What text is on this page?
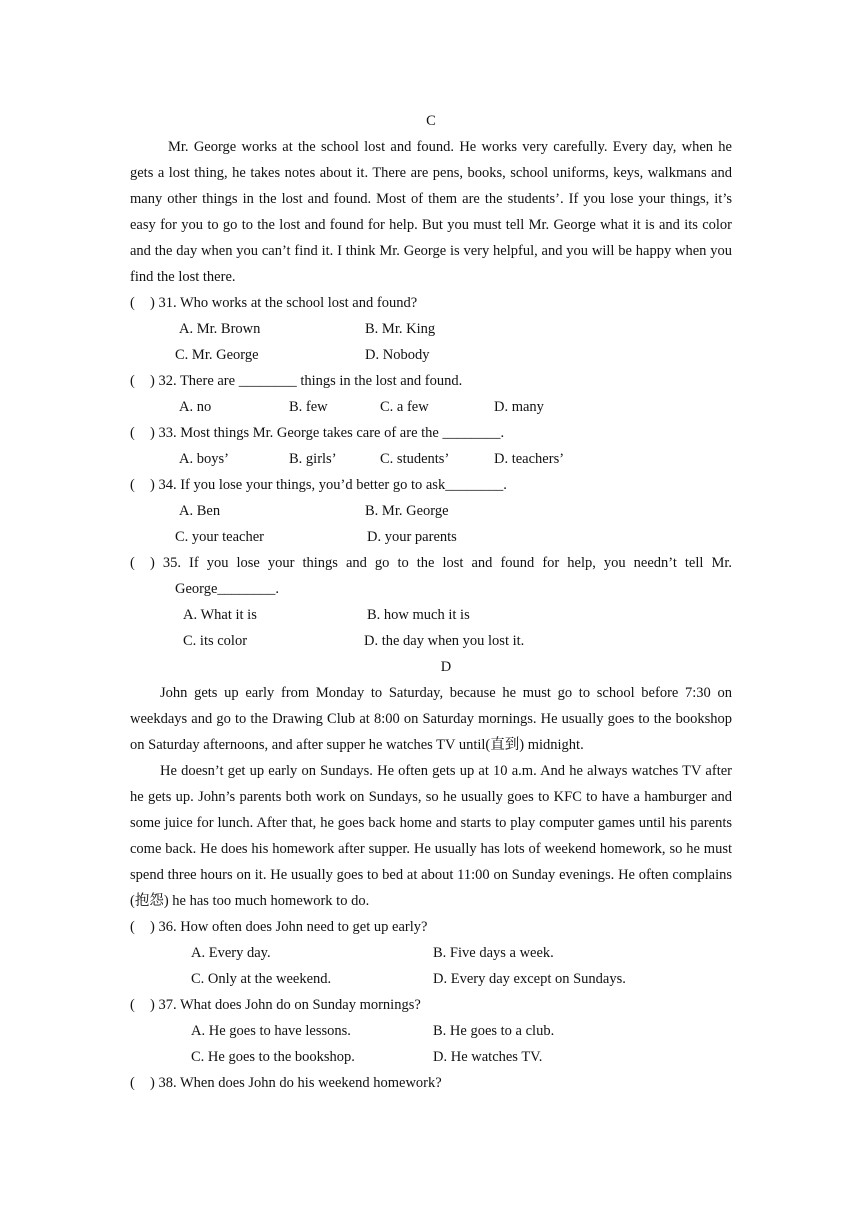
C

Mr. George works at the school lost and found. He works very carefully. Every day, when he gets a lost thing, he takes notes about it. There are pens, books, school uniforms, keys, walkmans and many other things in the lost and found. Most of them are the students’. If you lose your things, it’s easy for you to go to the lost and found for help. But you must tell Mr. George what it is and its color and the day when you can’t find it. I think Mr. George is very helpful, and you will be happy when you find the lost there.

( ) 31. Who works at the school lost and found?
A. Mr. Brown	B. Mr. King
C. Mr. George	D. Nobody
( ) 32. There are ________ things in the lost and found.
A. no	B. few	C. a few	D. many
( ) 33. Most things Mr. George takes care of are the ________.
A. boys’	B. girls’	C. students’	D. teachers’
( ) 34. If you lose your things, you’d better go to ask________.
A. Ben	B. Mr. George
C. your teacher	D. your parents
( ) 35. If you lose your things and go to the lost and found for help, you needn’t tell Mr.
George________.
A. What it is	B. how much it is
C. its color	D. the day when you lost it.
D

John gets up early from Monday to Saturday, because he must go to school before 7:30 on weekdays and go to the Drawing Club at 8:00 on Saturday mornings. He usually goes to the bookshop on Saturday afternoons, and after supper he watches TV until(直到) midnight.

He doesn’t get up early on Sundays. He often gets up at 10 a.m. And he always watches TV after he gets up. John’s parents both work on Sundays, so he usually goes to KFC to have a hamburger and some juice for lunch. After that, he goes back home and starts to play computer games until his parents come back. He does his homework after supper. He usually has lots of weekend homework, so he must spend three hours on it. He usually goes to bed at about 11:00 on Sunday evenings. He often complains (抱怨) he has too much homework to do.

( ) 36. How often does John need to get up early?
A. Every day.	B. Five days a week.
C. Only at the weekend.	D. Every day except on Sundays.
( ) 37. What does John do on Sunday mornings?
A. He goes to have lessons.	B. He goes to a club.
C. He goes to the bookshop.	D. He watches TV.
( ) 38. When does John do his weekend homework?
